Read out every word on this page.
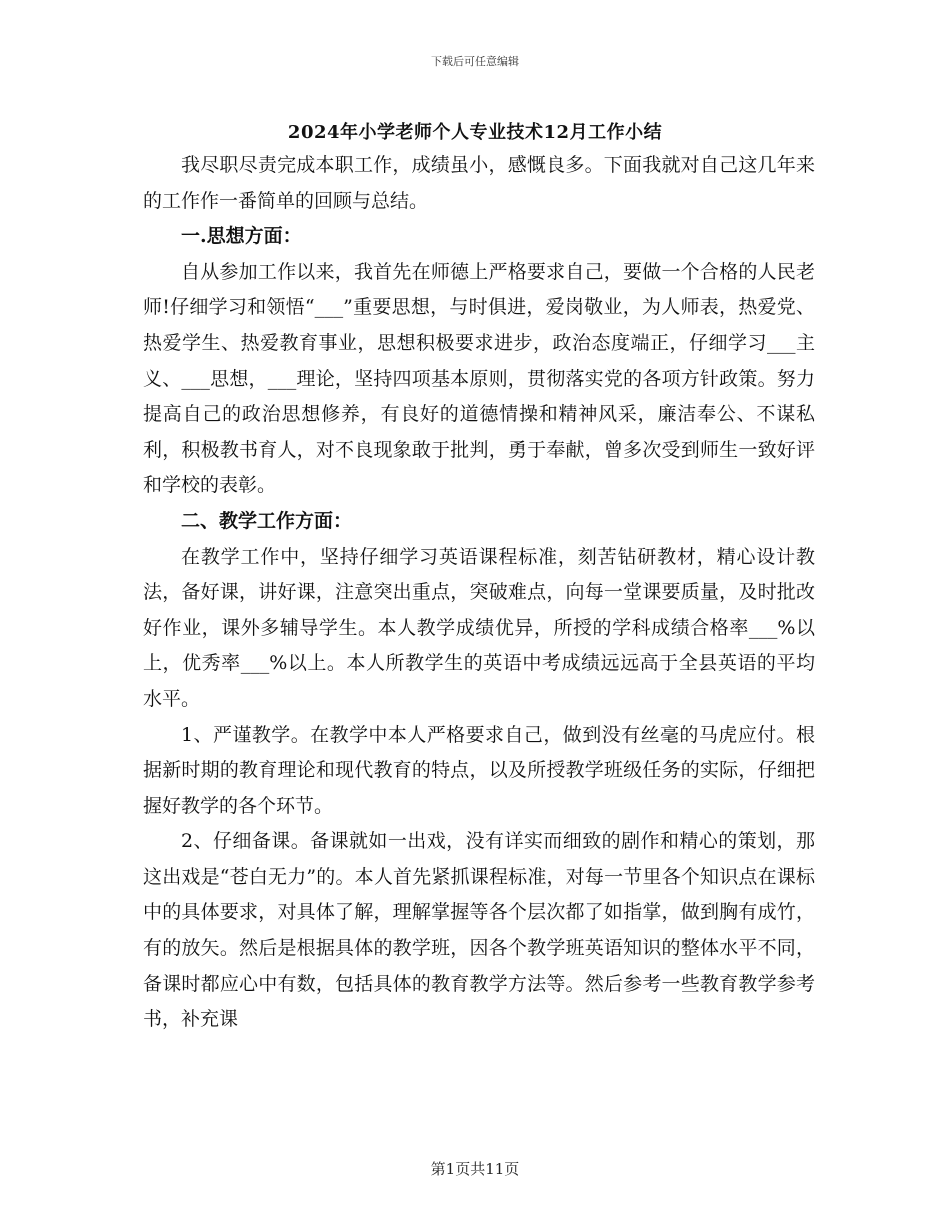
下载后可任意编辑
2024年小学老师个人专业技术12月工作小结

我尽职尽责完成本职工作，成绩虽小，感慨良多。下面我就对自己这几年来的工作作一番简单的回顾与总结。

一.思想方面：

自从参加工作以来，我首先在师德上严格要求自己，要做一个合格的人民老师!仔细学习和领悟“___”重要思想，与时俱进，爱岗敬业，为人师表，热爱党、热爱学生、热爱教育事业，思想积极要求进步，政治态度端正，仔细学习___主义、___思想，___理论，坚持四项基本原则，贯彻落实党的各项方针政策。努力提高自己的政治思想修养，有良好的道德情操和精神风采，廉洁奉公、不谋私利，积极教书育人，对不良现象敢于批判，勇于奉献，曾多次受到师生一致好评和学校的表彰。

二、教学工作方面：

在教学工作中，坚持仔细学习英语课程标准，刻苦钻研教材，精心设计教法，备好课，讲好课，注意突出重点，突破难点，向每一堂课要质量，及时批改好作业，课外多辅导学生。本人教学成绩优异，所授的学科成绩合格率___%以上，优秀率___%以上。本人所教学生的英语中考成绩远远高于全县英语的平均水平。

1、严谨教学。在教学中本人严格要求自己，做到没有丝毫的马虎应付。根据新时期的教育理论和现代教育的特点，以及所授教学班级任务的实际，仔细把握好教学的各个环节。

2、仔细备课。备课就如一出戏，没有详实而细致的剧作和精心的策划，那这出戏是“苍白无力”的。本人首先紧抓课程标准，对每一节里各个知识点在课标中的具体要求，对具体了解，理解掌握等各个层次都了如指掌，做到胸有成竹，有的放矢。然后是根据具体的教学班，因各个教学班英语知识的整体水平不同，备课时都应心中有数，包括具体的教育教学方法等。然后参考一些教育教学参考书，补充课

第1页共11页
